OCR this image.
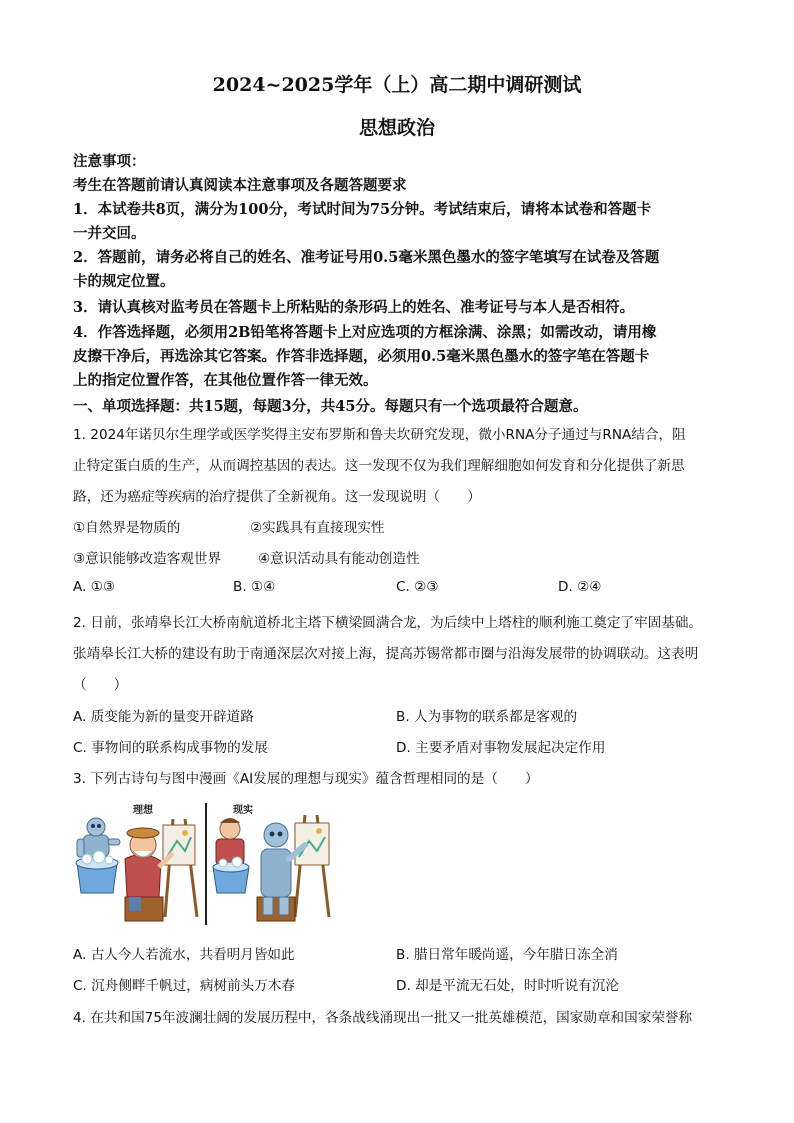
2024~2025学年（上）高二期中调研测试
思想政治
注意事项：
考生在答题前请认真阅读本注意事项及各题答题要求
1．本试卷共8页，满分为100分，考试时间为75分钟。考试结束后，请将本试卷和答题卡
一并交回。
2．答题前，请务必将自己的姓名、准考证号用0.5毫米黑色墨水的签字笔填写在试卷及答题
卡的规定位置。
3．请认真核对监考员在答题卡上所粘贴的条形码上的姓名、准考证号与本人是否相符。
4．作答选择题，必须用2B铅笔将答题卡上对应选项的方框涂满、涂黑；如需改动，请用橡
皮擦干净后，再选涂其它答案。作答非选择题，必须用0.5毫米黑色墨水的签字笔在答题卡
上的指定位置作答，在其他位置作答一律无效。
一、单项选择题：共15题，每题3分，共45分。每题只有一个选项最符合题意。
1. 2024年诺贝尔生理学或医学奖得主安布罗斯和鲁夫坎研究发现，微小RNA分子通过与RNA结合，阻
止特定蛋白质的生产，从而调控基因的表达。这一发现不仅为我们理解细胞如何发育和分化提供了新思
路，还为癌症等疾病的治疗提供了全新视角。这一发现说明（　　）
①自然界是物质的	②实践具有直接现实性
③意识能够改造客观世界	④意识活动具有能动创造性
A. ①③	B. ①④	C. ②③	D. ②④
2. 日前，张靖皋长江大桥南航道桥北主塔下横梁圆满合龙，为后续中上塔柱的顺利施工奠定了牢固基础。
张靖皋长江大桥的建设有助于南通深层次对接上海，提高苏锡常都市圈与沿海发展带的协调联动。这表明
（　　）
A. 质变能为新的量变开辟道路	B. 人为事物的联系都是客观的
C. 事物间的联系构成事物的发展	D. 主要矛盾对事物发展起决定作用
3. 下列古诗句与图中漫画《AI发展的理想与现实》蕴含哲理相同的是（　　）
理想	现实
A. 古人今人若流水，共看明月皆如此	B. 腊日常年暖尚遥，今年腊日冻全消
C. 沉舟侧畔千帆过，病树前头万木春	D. 却是平流无石处，时时听说有沉沦
4. 在共和国75年波澜壮阔的发展历程中，各条战线涌现出一批又一批英雄模范，国家勋章和国家荣誉称
